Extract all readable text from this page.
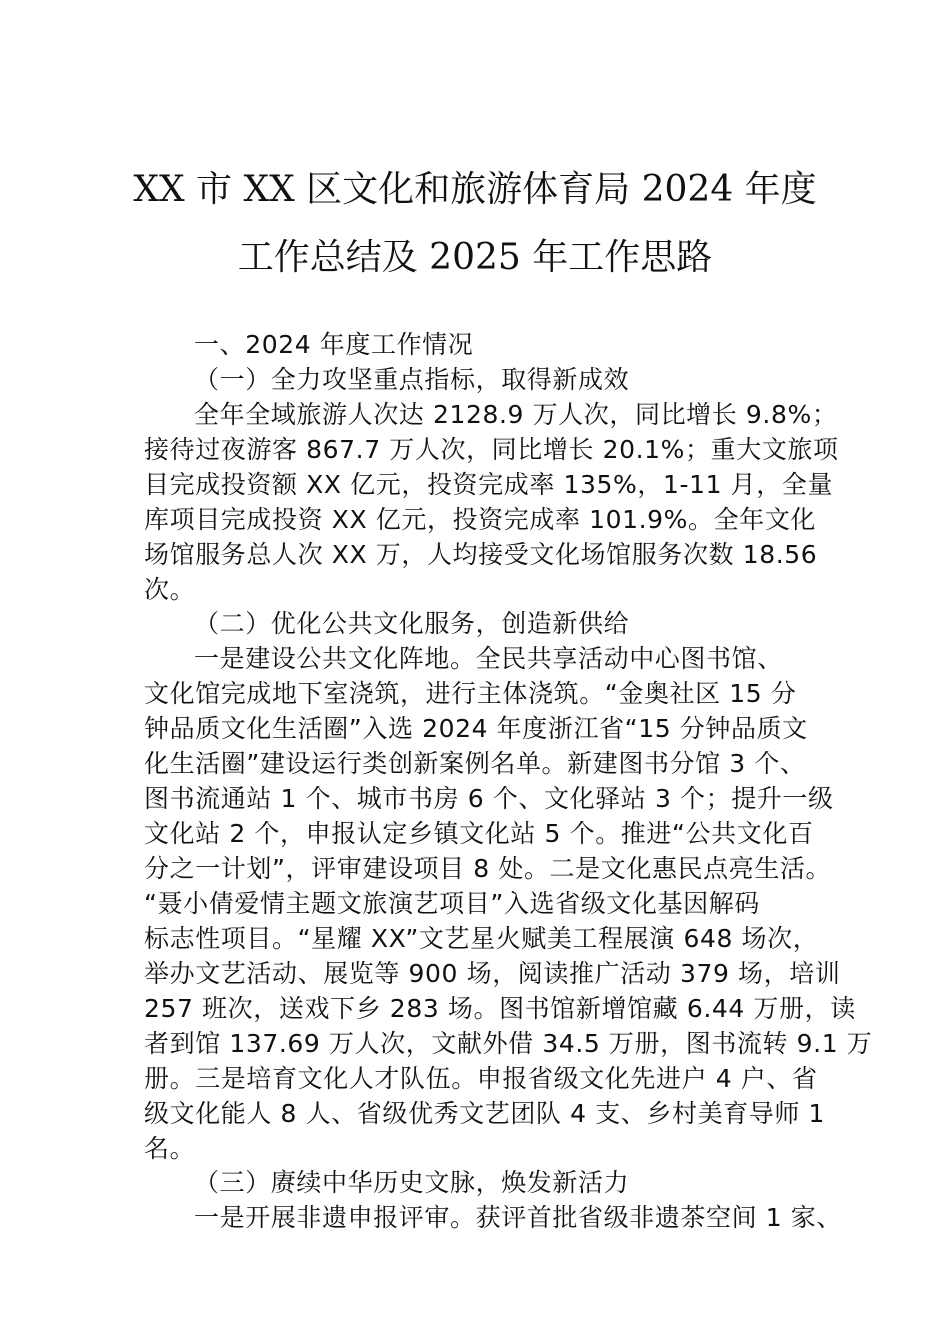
XX 市 XX 区文化和旅游体育局 2024 年度
工作总结及 2025 年工作思路
一、2024 年度工作情况
（一）全力攻坚重点指标，取得新成效
全年全域旅游人次达 2128.9 万人次，同比增长 9.8%；
接待过夜游客 867.7 万人次，同比增长 20.1%；重大文旅项
目完成投资额 XX 亿元，投资完成率 135%，1-11 月，全量
库项目完成投资 XX 亿元，投资完成率 101.9%。全年文化
场馆服务总人次 XX 万，人均接受文化场馆服务次数 18.56
次。
（二）优化公共文化服务，创造新供给
一是建设公共文化阵地。全民共享活动中心图书馆、
文化馆完成地下室浇筑，进行主体浇筑。“金奥社区 15 分
钟品质文化生活圈”入选 2024 年度浙江省“15 分钟品质文
化生活圈”建设运行类创新案例名单。新建图书分馆 3 个、
图书流通站 1 个、城市书房 6 个、文化驿站 3 个；提升一级
文化站 2 个，申报认定乡镇文化站 5 个。推进“公共文化百
分之一计划”，评审建设项目 8 处。二是文化惠民点亮生活。
“聂小倩爱情主题文旅演艺项目”入选省级文化基因解码
标志性项目。“星耀 XX”文艺星火赋美工程展演 648 场次，
举办文艺活动、展览等 900 场，阅读推广活动 379 场，培训
257 班次，送戏下乡 283 场。图书馆新增馆藏 6.44 万册，读
者到馆 137.69 万人次，文献外借 34.5 万册，图书流转 9.1 万
册。三是培育文化人才队伍。申报省级文化先进户 4 户、省
级文化能人 8 人、省级优秀文艺团队 4 支、乡村美育导师 1
名。
（三）赓续中华历史文脉，焕发新活力
一是开展非遗申报评审。获评首批省级非遗茶空间 1 家、
